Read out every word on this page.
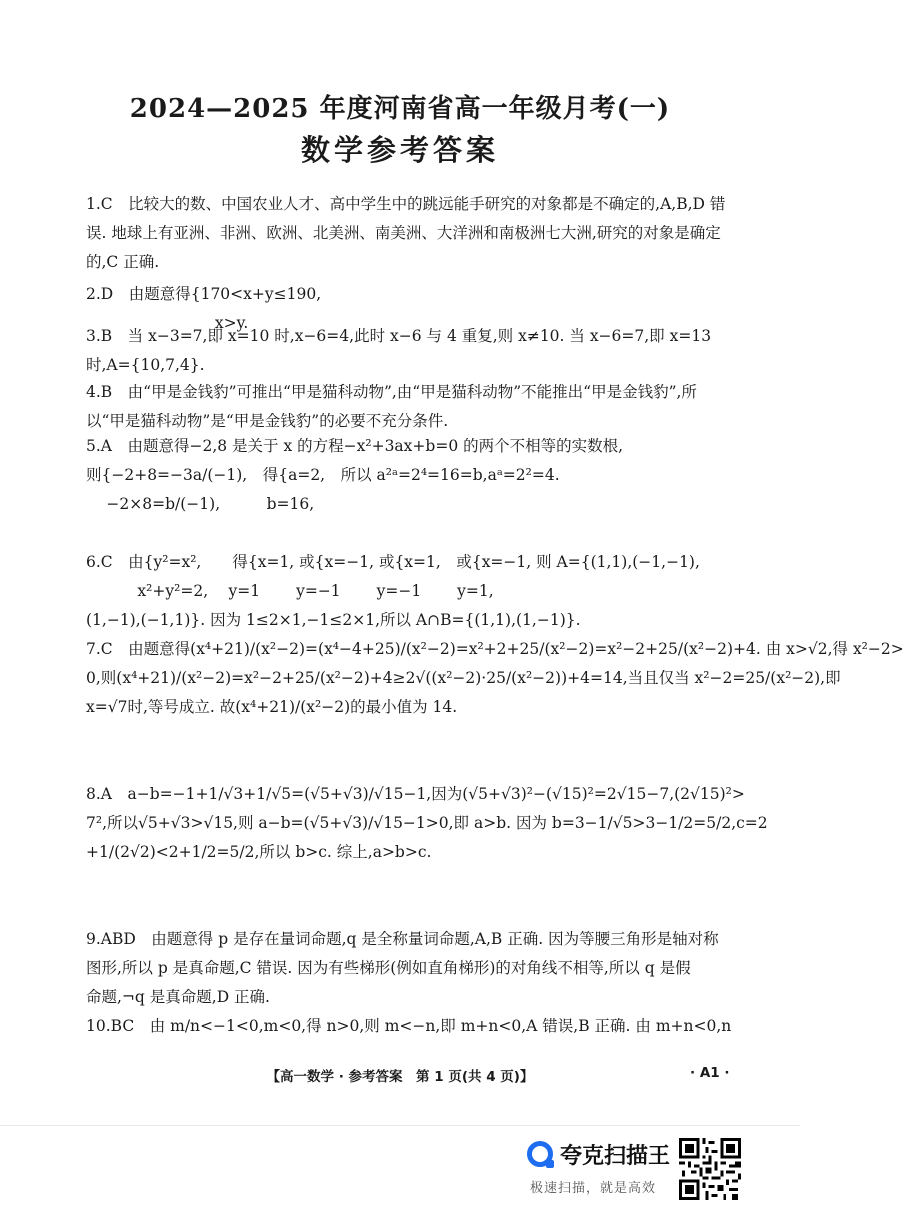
2024—2025 年度河南省高一年级月考(一)
数学参考答案
1.C　比较大的数、中国农业人才、高中学生中的跳远能手研究的对象都是不确定的,A,B,D 错
误. 地球上有亚洲、非洲、欧洲、北美洲、南美洲、大洋洲和南极洲七大洲,研究的对象是确定
的,C 正确.
2.D　由题意得{170<x+y≤190,
　　　　　　　　 x>y.
3.B　当 x−3=7,即 x=10 时,x−6=4,此时 x−6 与 4 重复,则 x≠10. 当 x−6=7,即 x=13
时,A={10,7,4}.
4.B　由“甲是金钱豹”可推出“甲是猫科动物”,由“甲是猫科动物”不能推出“甲是金钱豹”,所
以“甲是猫科动物”是“甲是金钱豹”的必要不充分条件.
5.A　由题意得−2,8 是关于 x 的方程−x²+3ax+b=0 的两个不相等的实数根,
则{−2+8=−3a/(−1),　得{a=2,　所以 a²ᵃ=2⁴=16=b,aᵃ=2²=4.
　 −2×8=b/(−1),　　　b=16,
6.C　由{y²=x²,　　得{x=1, 或{x=−1, 或{x=1,　或{x=−1, 则 A={(1,1),(−1,−1),
　　　 x²+y²=2,　 y=1　　 y=−1　　 y=−1　　 y=1,
(1,−1),(−1,1)}. 因为 1≤2×1,−1≤2×1,所以 A∩B={(1,1),(1,−1)}.
7.C　由题意得(x⁴+21)/(x²−2)=(x⁴−4+25)/(x²−2)=x²+2+25/(x²−2)=x²−2+25/(x²−2)+4. 由 x>√2,得 x²−2>
0,则(x⁴+21)/(x²−2)=x²−2+25/(x²−2)+4≥2√((x²−2)·25/(x²−2))+4=14,当且仅当 x²−2=25/(x²−2),即
x=√7时,等号成立. 故(x⁴+21)/(x²−2)的最小值为 14.
8.A　a−b=−1+1/√3+1/√5=(√5+√3)/√15−1,因为(√5+√3)²−(√15)²=2√15−7,(2√15)²>
7²,所以√5+√3>√15,则 a−b=(√5+√3)/√15−1>0,即 a>b. 因为 b=3−1/√5>3−1/2=5/2,c=2
+1/(2√2)<2+1/2=5/2,所以 b>c. 综上,a>b>c.
9.ABD　由题意得 p 是存在量词命题,q 是全称量词命题,A,B 正确. 因为等腰三角形是轴对称
图形,所以 p 是真命题,C 错误. 因为有些梯形(例如直角梯形)的对角线不相等,所以 q 是假
命题,¬q 是真命题,D 正确.
10.BC　由 m/n<−1<0,m<0,得 n>0,则 m<−n,即 m+n<0,A 错误,B 正确. 由 m+n<0,n
【高一数学 · 参考答案　第 1 页(共 4 页)】	· A1 ·
夸克扫描王
极速扫描，就是高效
